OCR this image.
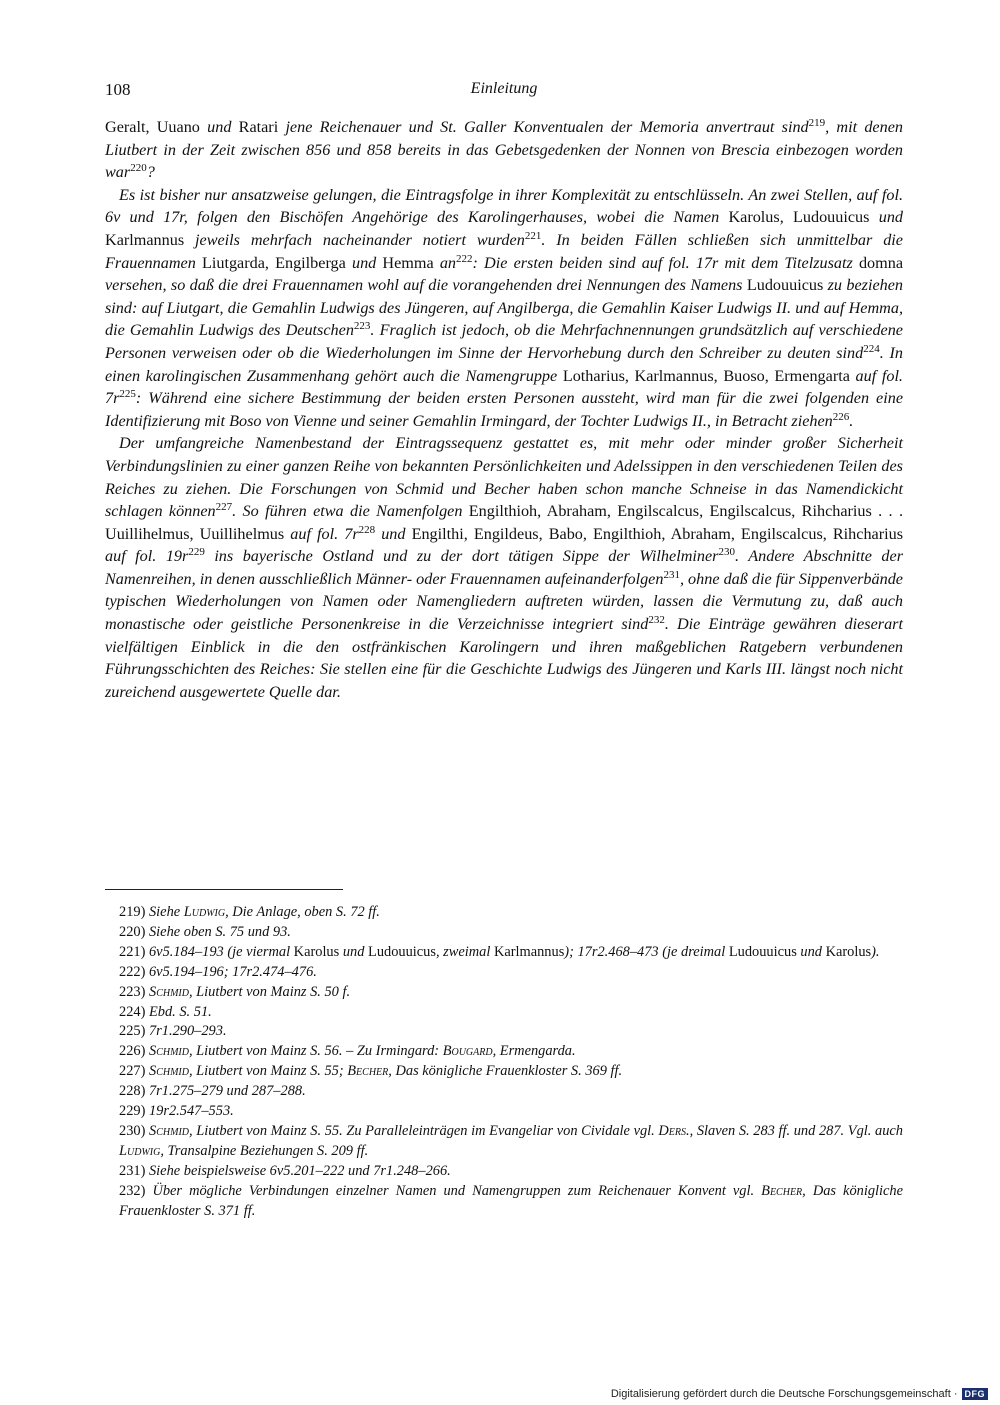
108	Einleitung

Geralt, Uuano und Ratari jene Reichenauer und St. Galler Konventualen der Memoria anvertraut sind$^{219}$, mit denen Liutbert in der Zeit zwischen 856 und 858 bereits in das Gebetsgedenken der Nonnen von Brescia einbezogen worden war$^{220}$?

Es ist bisher nur ansatzweise gelungen, die Eintragsfolge in ihrer Komplexität zu entschlüsseln. An zwei Stellen, auf fol. 6v und 17r, folgen den Bischöfen Angehörige des Karolingerhauses, wobei die Namen Karolus, Ludouuicus und Karlmannus jeweils mehrfach nacheinander notiert wurden$^{221}$. In beiden Fällen schließen sich unmittelbar die Frauennamen Liutgarda, Engilberga und Hemma $an^{222}$: Die ersten beiden sind auf fol. 17r mit dem Titelzusatz domna versehen, so daß die drei Frauennamen wohl auf die vorangehenden drei Nennungen des Namens Ludouuicus zu beziehen sind: auf Liutgart, die Gemahlin Ludwigs des Jüngeren, auf Angilberga, die Gemahlin Kaiser Ludwigs II. und auf Hemma, die Gemahlin Ludwigs des Deutschen$^{223}$. Fraglich ist jedoch, ob die Mehrfachnennungen grundsätzlich auf verschiedene Personen verweisen oder ob die Wiederholungen im Sinne der Hervorhebung durch den Schreiber zu deuten sind$^{224}$. In einen karolingischen Zusammenhang gehört auch die Namengruppe Lotharius, Karlmannus, Buoso, Ermengarta auf fol. $7r^{225}$: Während eine sichere Bestimmung der beiden ersten Personen aussteht, wird man für die zwei folgenden eine Identifizierung mit Boso von Vienne und seiner Gemahlin Irmingard, der Tochter Ludwigs II., in Betracht ziehen$^{226}$.

Der umfangreiche Namenbestand der Eintragssequenz gestattet es, mit mehr oder minder großer Sicherheit Verbindungslinien zu einer ganzen Reihe von bekannten Persönlichkeiten und Adelssippen in den verschiedenen Teilen des Reiches zu ziehen. Die Forschungen von Schmid und Becher haben schon manche Schneise in das Namendickicht schlagen können$^{227}$. So führen etwa die Namenfolgen Engilthioh, Abraham, Engilscalcus, Engilscalcus, Rihcharius . . . Uuillihelmus, Uuillihelmus auf fol. $7r^{228}$ und Engilthi, Engildeus, Babo, Engilthioh, Abraham, Engilscalcus, Rihcharius auf fol. $19r^{229}$ ins bayerische Ostland und zu der dort tätigen Sippe der Wilhelminer$^{230}$. Andere Abschnitte der Namenreihen, in denen ausschließlich Männer- oder Frauennamen aufeinanderfolgen$^{231}$, ohne daß die für Sippenverbände typischen Wiederholungen von Namen oder Namengliedern auftreten würden, lassen die Vermutung zu, daß auch monastische oder geistliche Personenkreise in die Verzeichnisse integriert sind$^{232}$. Die Einträge gewähren dieserart vielfältigen Einblick in die den ostfränkischen Karolingern und ihren maßgeblichen Ratgebern verbundenen Führungsschichten des Reiches: Sie stellen eine für die Geschichte Ludwigs des Jüngeren und Karls III. längst noch nicht zureichend ausgewertete Quelle dar.

219) Siehe Ludwig, Die Anlage, oben S. 72 ff.

220) Siehe oben S. 75 und 93.

221) 6v5.184–193 (je viermal Karolus und Ludouuicus, zweimal Karlmannus); 17r2.468–473 (je dreimal Ludouuicus und Karolus).

222) 6v5.194–196; 17r2.474–476.

223) Schmid, Liutbert von Mainz S. 50 f.

224) Ebd. S. 51.

225) 7r1.290–293.

226) Schmid, Liutbert von Mainz S. 56. – Zu Irmingard: Bougard, Ermengarda.

227) Schmid, Liutbert von Mainz S. 55; Becher, Das königliche Frauenkloster S. 369 ff.

228) 7r1.275–279 und 287–288.

229) 19r2.547–553.

230) Schmid, Liutbert von Mainz S. 55. Zu Paralleleinträgen im Evangeliar von Cividale vgl. Ders., Slaven S. 283 ff. und 287. Vgl. auch Ludwig, Transalpine Beziehungen S. 209 ff.

231) Siehe beispielsweise 6v5.201–222 und 7r1.248–266.

232) Über mögliche Verbindungen einzelner Namen und Namengruppen zum Reichenauer Konvent vgl. Becher, Das königliche Frauenkloster S. 371 ff.

Digitalisierung gefördert durch die Deutsche Forschungsgemeinschaft · DFG
